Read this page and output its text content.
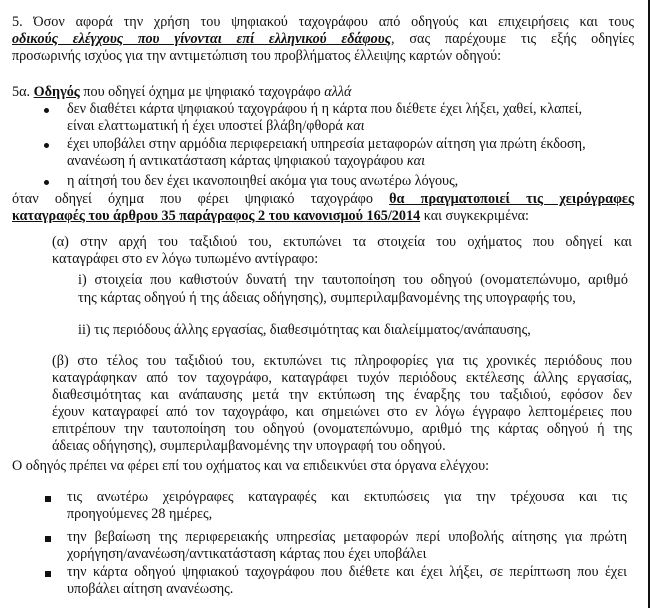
5. Όσον αφορά την χρήση του ψηφιακού ταχογράφου από οδηγούς και επιχειρήσεις και τους
οδικούς ελέγχους που γίνονται επί ελληνικού εδάφους, σας παρέχουμε τις εξής οδηγίες
προσωρινής ισχύος για την αντιμετώπιση του προβλήματος έλλειψης καρτών οδηγού:
5α. Οδηγός που οδηγεί όχημα με ψηφιακό ταχογράφο αλλά
δεν διαθέτει κάρτα ψηφιακού ταχογράφου ή η κάρτα που διέθετε έχει λήξει, χαθεί, κλαπεί,
είναι ελαττωματική ή έχει υποστεί βλάβη/φθορά και
έχει υποβάλει στην αρμόδια περιφερειακή υπηρεσία μεταφορών αίτηση για πρώτη έκδοση,
ανανέωση ή αντικατάσταση κάρτας ψηφιακού ταχογράφου και
η αίτησή του δεν έχει ικανοποιηθεί ακόμα για τους ανωτέρω λόγους,
όταν οδηγεί όχημα που φέρει ψηφιακό ταχογράφο θα πραγματοποιεί τις χειρόγραφες
καταγραφές του άρθρου 35 παράγραφος 2 του κανονισμού 165/2014 και συγκεκριμένα:
(α) στην αρχή του ταξιδιού του, εκτυπώνει τα στοιχεία του οχήματος που οδηγεί και
καταγράφει στο εν λόγω τυπωμένο αντίγραφο:
i) στοιχεία που καθιστούν δυνατή την ταυτοποίηση του οδηγού (ονοματεπώνυμο, αριθμό
της κάρτας οδηγού ή της άδειας οδήγησης), συμπεριλαμβανομένης της υπογραφής του,
ii) τις περιόδους άλλης εργασίας, διαθεσιμότητας και διαλείμματος/ανάπαυσης,
(β) στο τέλος του ταξιδιού του, εκτυπώνει τις πληροφορίες για τις χρονικές περιόδους που
καταγράφηκαν από τον ταχογράφο, καταγράφει τυχόν περιόδους εκτέλεσης άλλης εργασίας,
διαθεσιμότητας και ανάπαυσης μετά την εκτύπωση της έναρξης του ταξιδιού, εφόσον δεν
έχουν καταγραφεί από τον ταχογράφο, και σημειώνει στο εν λόγω έγγραφο λεπτομέρειες που
επιτρέπουν την ταυτοποίηση του οδηγού (ονοματεπώνυμο, αριθμό της κάρτας οδηγού ή της
άδειας οδήγησης), συμπεριλαμβανομένης την υπογραφή του οδηγού.
Ο οδηγός πρέπει να φέρει επί του οχήματος και να επιδεικνύει στα όργανα ελέγχου:
τις ανωτέρω χειρόγραφες καταγραφές και εκτυπώσεις για την τρέχουσα και τις
προηγούμενες 28 ημέρες,
την βεβαίωση της περιφερειακής υπηρεσίας μεταφορών περί υποβολής αίτησης για πρώτη
χορήγηση/ανανέωση/αντικατάσταση κάρτας που έχει υποβάλει
την κάρτα οδηγού ψηφιακού ταχογράφου που διέθετε και έχει λήξει, σε περίπτωση που έχει
υποβάλει αίτηση ανανέωσης.
